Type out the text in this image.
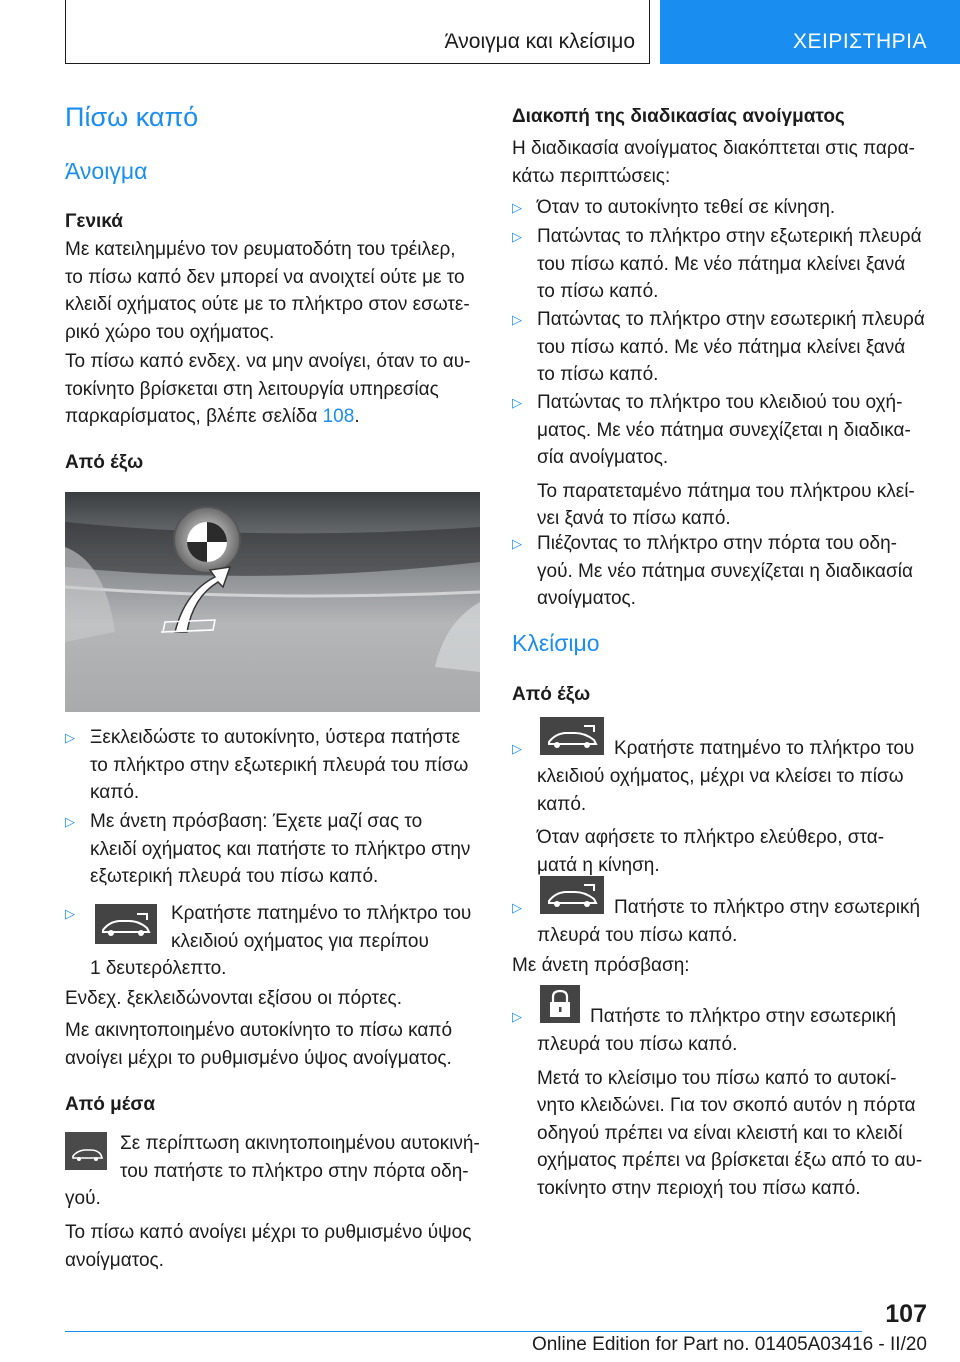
Άνοιγμα και κλείσιμο	ΧΕΙΡΙΣΤΗΡΙΑ
Πίσω καπό
Άνοιγμα
Γενικά
Με κατειλημμένο τον ρευματοδότη του τρέιλερ,
το πίσω καπό δεν μπορεί να ανοιχτεί ούτε με το
κλειδί οχήματος ούτε με το πλήκτρο στον εσωτε-
ρικό χώρο του οχήματος.
Το πίσω καπό ενδεχ. να μην ανοίγει, όταν το αυ-
τοκίνητο βρίσκεται στη λειτουργία υπηρεσίας
παρκαρίσματος, βλέπε σελίδα 108.
Από έξω
▷ Ξεκλειδώστε το αυτοκίνητο, ύστερα πατήστε
το πλήκτρο στην εξωτερική πλευρά του πίσω
καπό.
▷ Με άνετη πρόσβαση: Έχετε μαζί σας το
κλειδί οχήματος και πατήστε το πλήκτρο στην
εξωτερική πλευρά του πίσω καπό.
▷	Κρατήστε πατημένο το πλήκτρο του
κλειδιού οχήματος για περίπου
1 δευτερόλεπτο.
Ενδεχ. ξεκλειδώνονται εξίσου οι πόρτες.
Με ακινητοποιημένο αυτοκίνητο το πίσω καπό
ανοίγει μέχρι το ρυθμισμένο ύψος ανοίγματος.
Από μέσα
Σε περίπτωση ακινητοποιημένου αυτοκινή-
του πατήστε το πλήκτρο στην πόρτα οδη-
γού.
Το πίσω καπό ανοίγει μέχρι το ρυθμισμένο ύψος
ανοίγματος.
Διακοπή της διαδικασίας ανοίγματος
Η διαδικασία ανοίγματος διακόπτεται στις παρα-
κάτω περιπτώσεις:
▷ Όταν το αυτοκίνητο τεθεί σε κίνηση.
▷ Πατώντας το πλήκτρο στην εξωτερική πλευρά
του πίσω καπό. Με νέο πάτημα κλείνει ξανά
το πίσω καπό.
▷ Πατώντας το πλήκτρο στην εσωτερική πλευρά
του πίσω καπό. Με νέο πάτημα κλείνει ξανά
το πίσω καπό.
▷ Πατώντας το πλήκτρο του κλειδιού του οχή-
ματος. Με νέο πάτημα συνεχίζεται η διαδικα-
σία ανοίγματος.
Το παρατεταμένο πάτημα του πλήκτρου κλεί-
νει ξανά το πίσω καπό.
▷ Πιέζοντας το πλήκτρο στην πόρτα του οδη-
γού. Με νέο πάτημα συνεχίζεται η διαδικασία
ανοίγματος.
Κλείσιμο
Από έξω
▷	Κρατήστε πατημένο το πλήκτρο του
κλειδιού οχήματος, μέχρι να κλείσει το πίσω
καπό.
Όταν αφήσετε το πλήκτρο ελεύθερο, στα-
ματά η κίνηση.
▷	Πατήστε το πλήκτρο στην εσωτερική
πλευρά του πίσω καπό.
Με άνετη πρόσβαση:
▷	Πατήστε το πλήκτρο στην εσωτερική
πλευρά του πίσω καπό.
Μετά το κλείσιμο του πίσω καπό το αυτοκί-
νητο κλειδώνει. Για τον σκοπό αυτόν η πόρτα
οδηγού πρέπει να είναι κλειστή και το κλειδί
οχήματος πρέπει να βρίσκεται έξω από το αυ-
τοκίνητο στην περιοχή του πίσω καπό.
107
Online Edition for Part no. 01405A03416 - II/20
